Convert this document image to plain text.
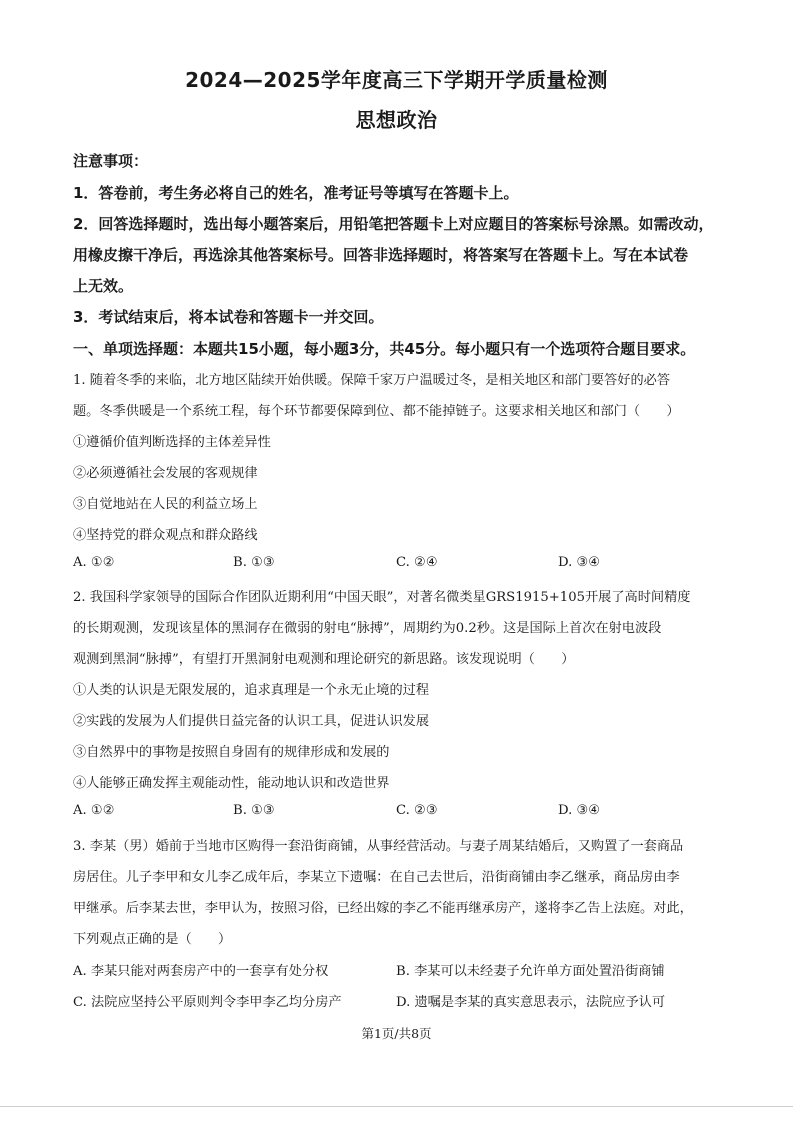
2024—2025学年度高三下学期开学质量检测
思想政治
注意事项：
1．答卷前，考生务必将自己的姓名，准考证号等填写在答题卡上。
2．回答选择题时，选出每小题答案后，用铅笔把答题卡上对应题目的答案标号涂黑。如需改动，
用橡皮擦干净后，再选涂其他答案标号。回答非选择题时，将答案写在答题卡上。写在本试卷
上无效。
3．考试结束后，将本试卷和答题卡一并交回。
一、单项选择题：本题共15小题，每小题3分，共45分。每小题只有一个选项符合题目要求。
1. 随着冬季的来临，北方地区陆续开始供暖。保障千家万户温暖过冬，是相关地区和部门要答好的必答
题。冬季供暖是一个系统工程，每个环节都要保障到位、都不能掉链子。这要求相关地区和部门（　　）
①遵循价值判断选择的主体差异性
②必须遵循社会发展的客观规律
③自觉地站在人民的利益立场上
④坚持党的群众观点和群众路线
A. ①②	B. ①③	C. ②④	D. ③④
2. 我国科学家领导的国际合作团队近期利用“中国天眼”，对著名微类星GRS1915+105开展了高时间精度
的长期观测，发现该星体的黑洞存在微弱的射电“脉搏”，周期约为0.2秒。这是国际上首次在射电波段
观测到黑洞“脉搏”，有望打开黑洞射电观测和理论研究的新思路。该发现说明（　　）
①人类的认识是无限发展的，追求真理是一个永无止境的过程
②实践的发展为人们提供日益完备的认识工具，促进认识发展
③自然界中的事物是按照自身固有的规律形成和发展的
④人能够正确发挥主观能动性，能动地认识和改造世界
A. ①②	B. ①③	C. ②③	D. ③④
3. 李某（男）婚前于当地市区购得一套沿街商铺，从事经营活动。与妻子周某结婚后，又购置了一套商品
房居住。儿子李甲和女儿李乙成年后，李某立下遗嘱：在自己去世后，沿街商铺由李乙继承，商品房由李
甲继承。后李某去世，李甲认为，按照习俗，已经出嫁的李乙不能再继承房产，遂将李乙告上法庭。对此，
下列观点正确的是（　　）
A. 李某只能对两套房产中的一套享有处分权	B. 李某可以未经妻子允许单方面处置沿街商铺
C. 法院应坚持公平原则判令李甲李乙均分房产	D. 遗嘱是李某的真实意思表示，法院应予认可
第1页/共8页
